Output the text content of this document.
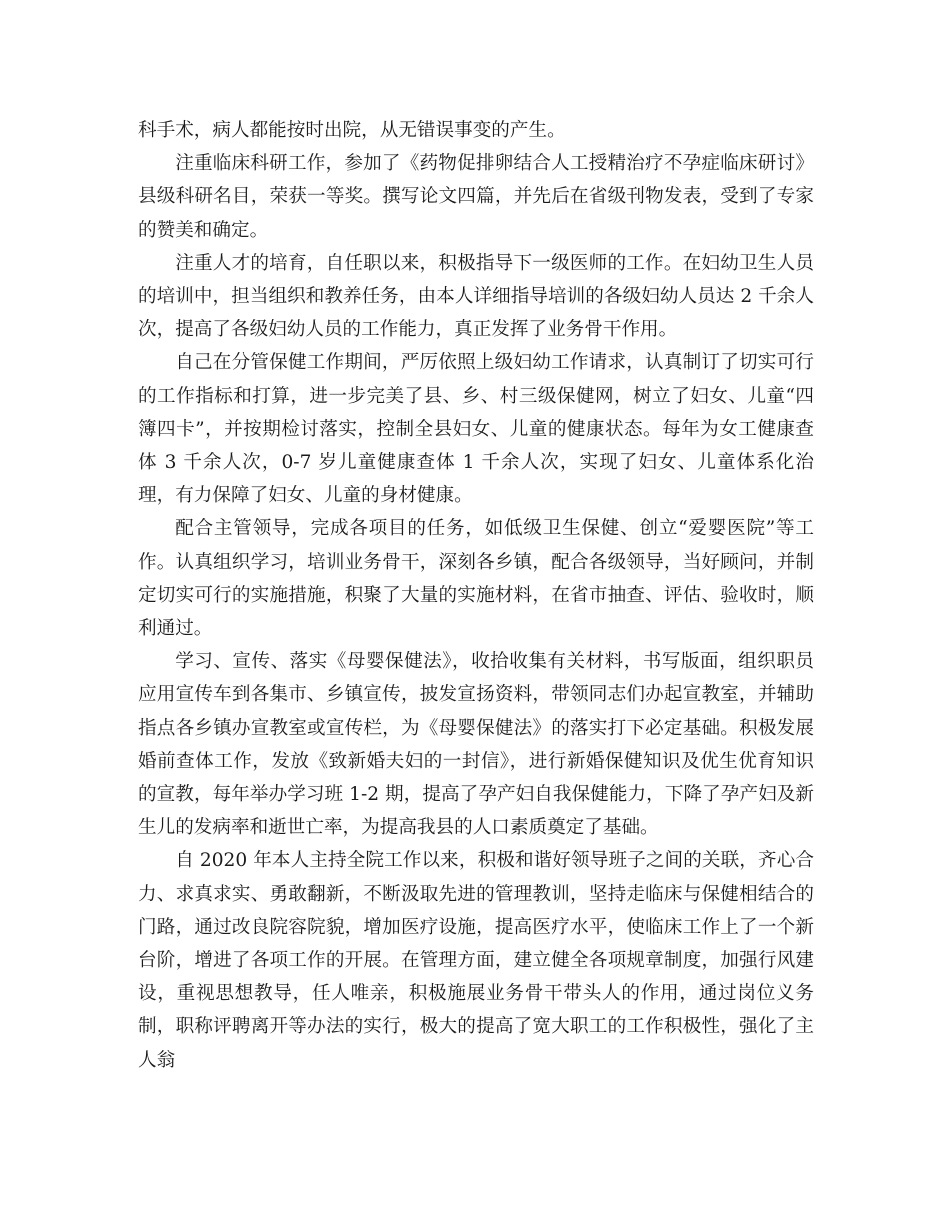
科手术，病人都能按时出院，从无错误事变的产生。

注重临床科研工作，参加了《药物促排卵结合人工授精治疗不孕症临床研讨》县级科研名目，荣获一等奖。撰写论文四篇，并先后在省级刊物发表，受到了专家的赞美和确定。

注重人才的培育，自任职以来，积极指导下一级医师的工作。在妇幼卫生人员的培训中，担当组织和教养任务，由本人详细指导培训的各级妇幼人员达 2 千余人次，提高了各级妇幼人员的工作能力，真正发挥了业务骨干作用。

自己在分管保健工作期间，严厉依照上级妇幼工作请求，认真制订了切实可行的工作指标和打算，进一步完美了县、乡、村三级保健网，树立了妇女、儿童“四簿四卡”，并按期检讨落实，控制全县妇女、儿童的健康状态。每年为女工健康查体 3 千余人次，0-7 岁儿童健康查体 1 千余人次，实现了妇女、儿童体系化治理，有力保障了妇女、儿童的身材健康。

配合主管领导，完成各项目的任务，如低级卫生保健、创立“爱婴医院”等工作。认真组织学习，培训业务骨干，深刻各乡镇，配合各级领导，当好顾问，并制定切实可行的实施措施，积聚了大量的实施材料，在省市抽查、评估、验收时，顺利通过。

学习、宣传、落实《母婴保健法》，收拾收集有关材料，书写版面，组织职员应用宣传车到各集市、乡镇宣传，披发宣扬资料，带领同志们办起宣教室，并辅助指点各乡镇办宣教室或宣传栏，为《母婴保健法》的落实打下必定基础。积极发展婚前查体工作，发放《致新婚夫妇的一封信》，进行新婚保健知识及优生优育知识的宣教，每年举办学习班 1-2 期，提高了孕产妇自我保健能力，下降了孕产妇及新生儿的发病率和逝世亡率，为提高我县的人口素质奠定了基础。

自 2020 年本人主持全院工作以来，积极和谐好领导班子之间的关联，齐心合力、求真求实、勇敢翻新，不断汲取先进的管理教训，坚持走临床与保健相结合的门路，通过改良院容院貌，增加医疗设施，提高医疗水平，使临床工作上了一个新台阶，增进了各项工作的开展。在管理方面，建立健全各项规章制度，加强行风建设，重视思想教导，任人唯亲，积极施展业务骨干带头人的作用，通过岗位义务制，职称评聘离开等办法的实行，极大的提高了宽大职工的工作积极性，强化了主人翁
